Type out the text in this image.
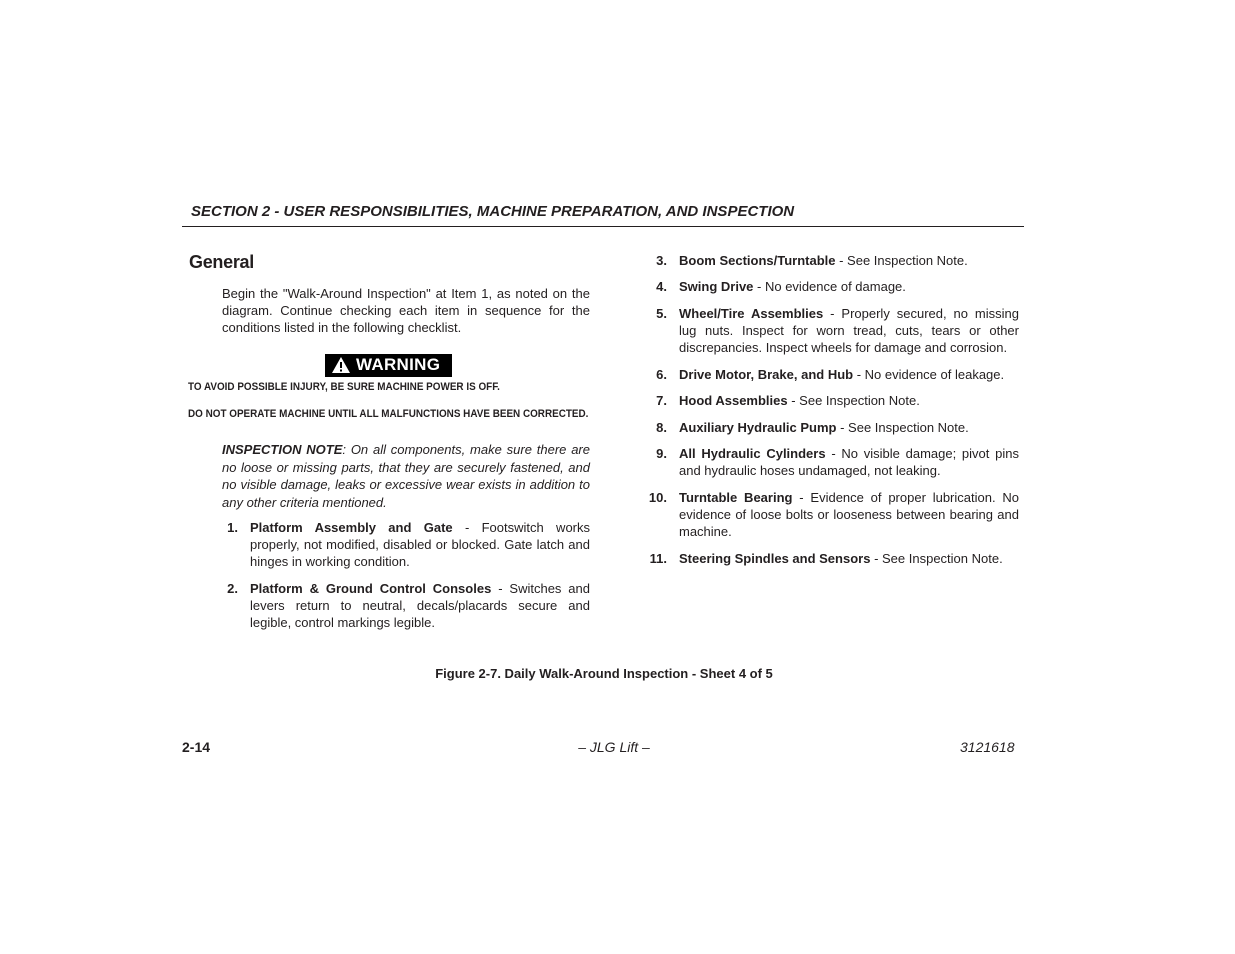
SECTION 2 - USER RESPONSIBILITIES, MACHINE PREPARATION, AND INSPECTION
General
Begin the "Walk-Around Inspection" at Item 1, as noted on the diagram. Continue checking each item in sequence for the conditions listed in the following checklist.
WARNING
TO AVOID POSSIBLE INJURY, BE SURE MACHINE POWER IS OFF.
DO NOT OPERATE MACHINE UNTIL ALL MALFUNCTIONS HAVE BEEN CORRECTED.
INSPECTION NOTE: On all components, make sure there are no loose or missing parts, that they are securely fastened, and no visible damage, leaks or excessive wear exists in addition to any other criteria mentioned.
1. Platform Assembly and Gate - Footswitch works properly, not modified, disabled or blocked. Gate latch and hinges in working condition.
2. Platform & Ground Control Consoles - Switches and levers return to neutral, decals/placards secure and legible, control markings legible.
3. Boom Sections/Turntable - See Inspection Note.
4. Swing Drive - No evidence of damage.
5. Wheel/Tire Assemblies - Properly secured, no missing lug nuts. Inspect for worn tread, cuts, tears or other discrepancies. Inspect wheels for damage and corrosion.
6. Drive Motor, Brake, and Hub - No evidence of leakage.
7. Hood Assemblies - See Inspection Note.
8. Auxiliary Hydraulic Pump - See Inspection Note.
9. All Hydraulic Cylinders - No visible damage; pivot pins and hydraulic hoses undamaged, not leaking.
10. Turntable Bearing - Evidence of proper lubrication. No evidence of loose bolts or looseness between bearing and machine.
11. Steering Spindles and Sensors - See Inspection Note.
Figure 2-7. Daily Walk-Around Inspection - Sheet 4 of 5
2-14	– JLG Lift –	3121618
